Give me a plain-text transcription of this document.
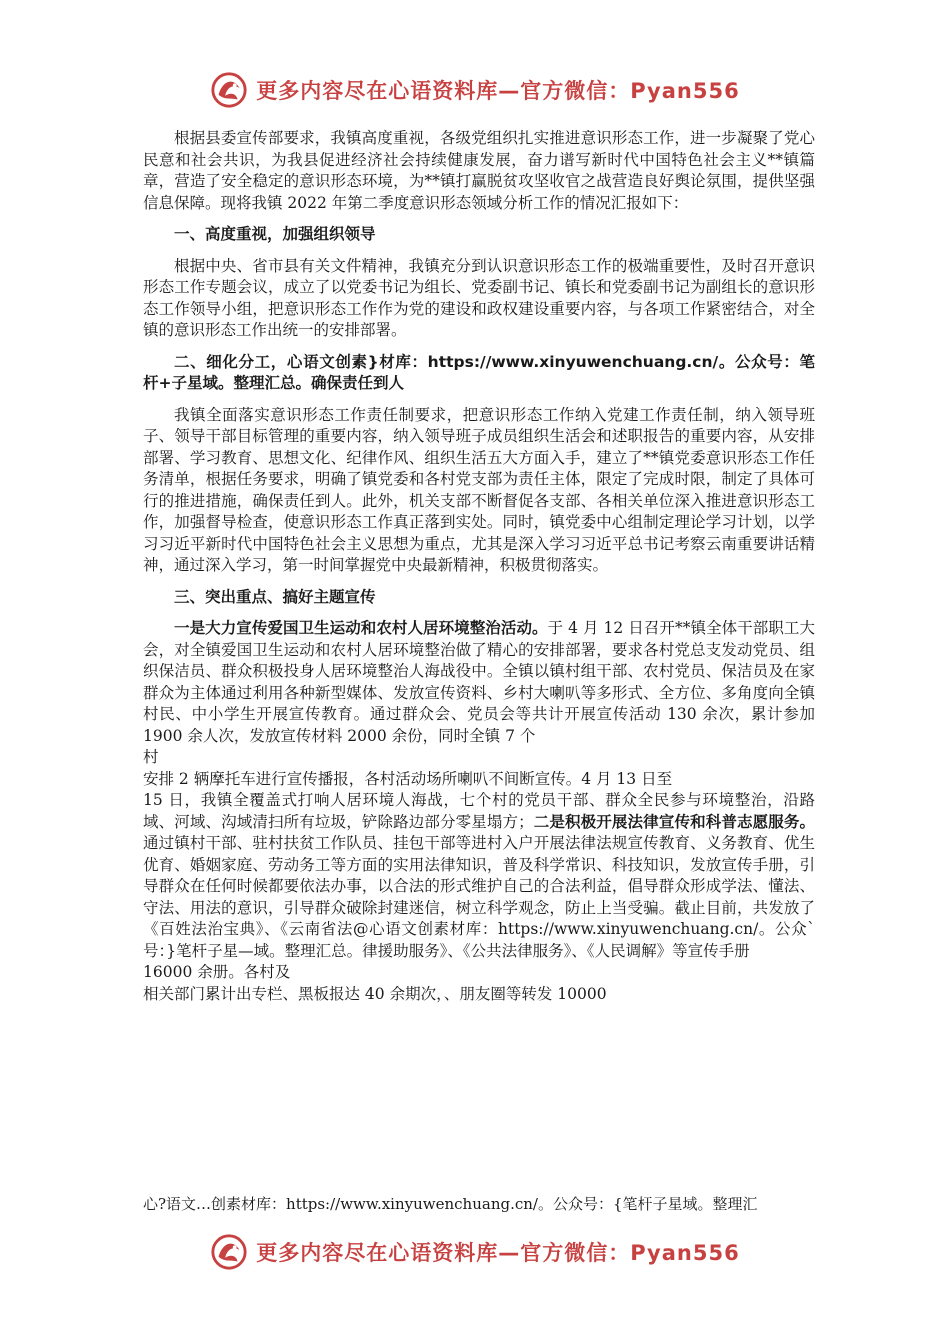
更多内容尽在心语资料库—官方微信：Pyan556

根据县委宣传部要求，我镇高度重视，各级党组织扎实推进意识形态工作，进一步凝聚了党心民意和社会共识，为我县促进经济社会持续健康发展，奋力谱写新时代中国特色社会主义**镇篇章，营造了安全稳定的意识形态环境，为**镇打赢脱贫攻坚收官之战营造良好舆论氛围，提供坚强信息保障。现将我镇 2022 年第二季度意识形态领域分析工作的情况汇报如下：

一、高度重视，加强组织领导

根据中央、省市县有关文件精神，我镇充分到认识意识形态工作的极端重要性，及时召开意识形态工作专题会议，成立了以党委书记为组长、党委副书记、镇长和党委副书记为副组长的意识形态工作领导小组，把意识形态工作作为党的建设和政权建设重要内容，与各项工作紧密结合，对全镇的意识形态工作出统一的安排部署。

二、细化分工，心语文创素}材库：https://www.xinyuwenchuang.cn/。公众号：笔杆+子星域。整理汇总。确保责任到人

我镇全面落实意识形态工作责任制要求，把意识形态工作纳入党建工作责任制，纳入领导班子、领导干部目标管理的重要内容，纳入领导班子成员组织生活会和述职报告的重要内容，从安排部署、学习教育、思想文化、纪律作风、组织生活五大方面入手，建立了**镇党委意识形态工作任务清单，根据任务要求，明确了镇党委和各村党支部为责任主体，限定了完成时限，制定了具体可行的推进措施，确保责任到人。此外，机关支部不断督促各支部、各相关单位深入推进意识形态工作，加强督导检查，使意识形态工作真正落到实处。同时，镇党委中心组制定理论学习计划，以学习习近平新时代中国特色社会主义思想为重点，尤其是深入学习习近平总书记考察云南重要讲话精神，通过深入学习，第一时间掌握党中央最新精神，积极贯彻落实。

三、突出重点、搞好主题宣传

一是大力宣传爱国卫生运动和农村人居环境整治活动。于 4 月 12 日召开**镇全体干部职工大会，对全镇爱国卫生运动和农村人居环境整治做了精心的安排部署，要求各村党总支发动党员、组织保洁员、群众积极投身人居环境整治人海战役中。全镇以镇村组干部、农村党员、保洁员及在家群众为主体通过利用各种新型媒体、发放宣传资料、乡村大喇叭等多形式、全方位、多角度向全镇村民、中小学生开展宣传教育。通过群众会、党员会等共计开展宣传活动 130 余次，累计参加 1900 余人次，发放宣传材料 2000 余份，同时全镇 7 个

村

安排 2 辆摩托车进行宣传播报，各村活动场所喇叭不间断宣传。4 月 13 日至

15 日，我镇全覆盖式打响人居环境人海战，七个村的党员干部、群众全民参与环境整治，沿路域、河域、沟域清扫所有垃圾，铲除路边部分零星塌方；二是积极开展法律宣传和科普志愿服务。通过镇村干部、驻村扶贫工作队员、挂包干部等进村入户开展法律法规宣传教育、义务教育、优生优育、婚姻家庭、劳动务工等方面的实用法律知识，普及科学常识、科技知识，发放宣传手册，引导群众在任何时候都要依法办事，以合法的形式维护自己的合法利益，倡导群众形成学法、懂法、守法、用法的意识，引导群众破除封建迷信，树立科学观念，防止上当受骗。截止目前，共发放了《百姓法治宝典》、《云南省法@心语文创素材库：https://www.xinyuwenchuang.cn/。公众`号：}笔杆子星—域。整理汇总。律援助服务》、《公共法律服务》、《人民调解》等宣传手册

16000 余册。各村及

相关部门累计出专栏、黑板报达 40 余期次，、朋友圈等转发 10000

心?语文…创素材库：https://www.xinyuwenchuang.cn/。公众号：{笔杆子星域。整理汇
更多内容尽在心语资料库—官方微信：Pyan556
